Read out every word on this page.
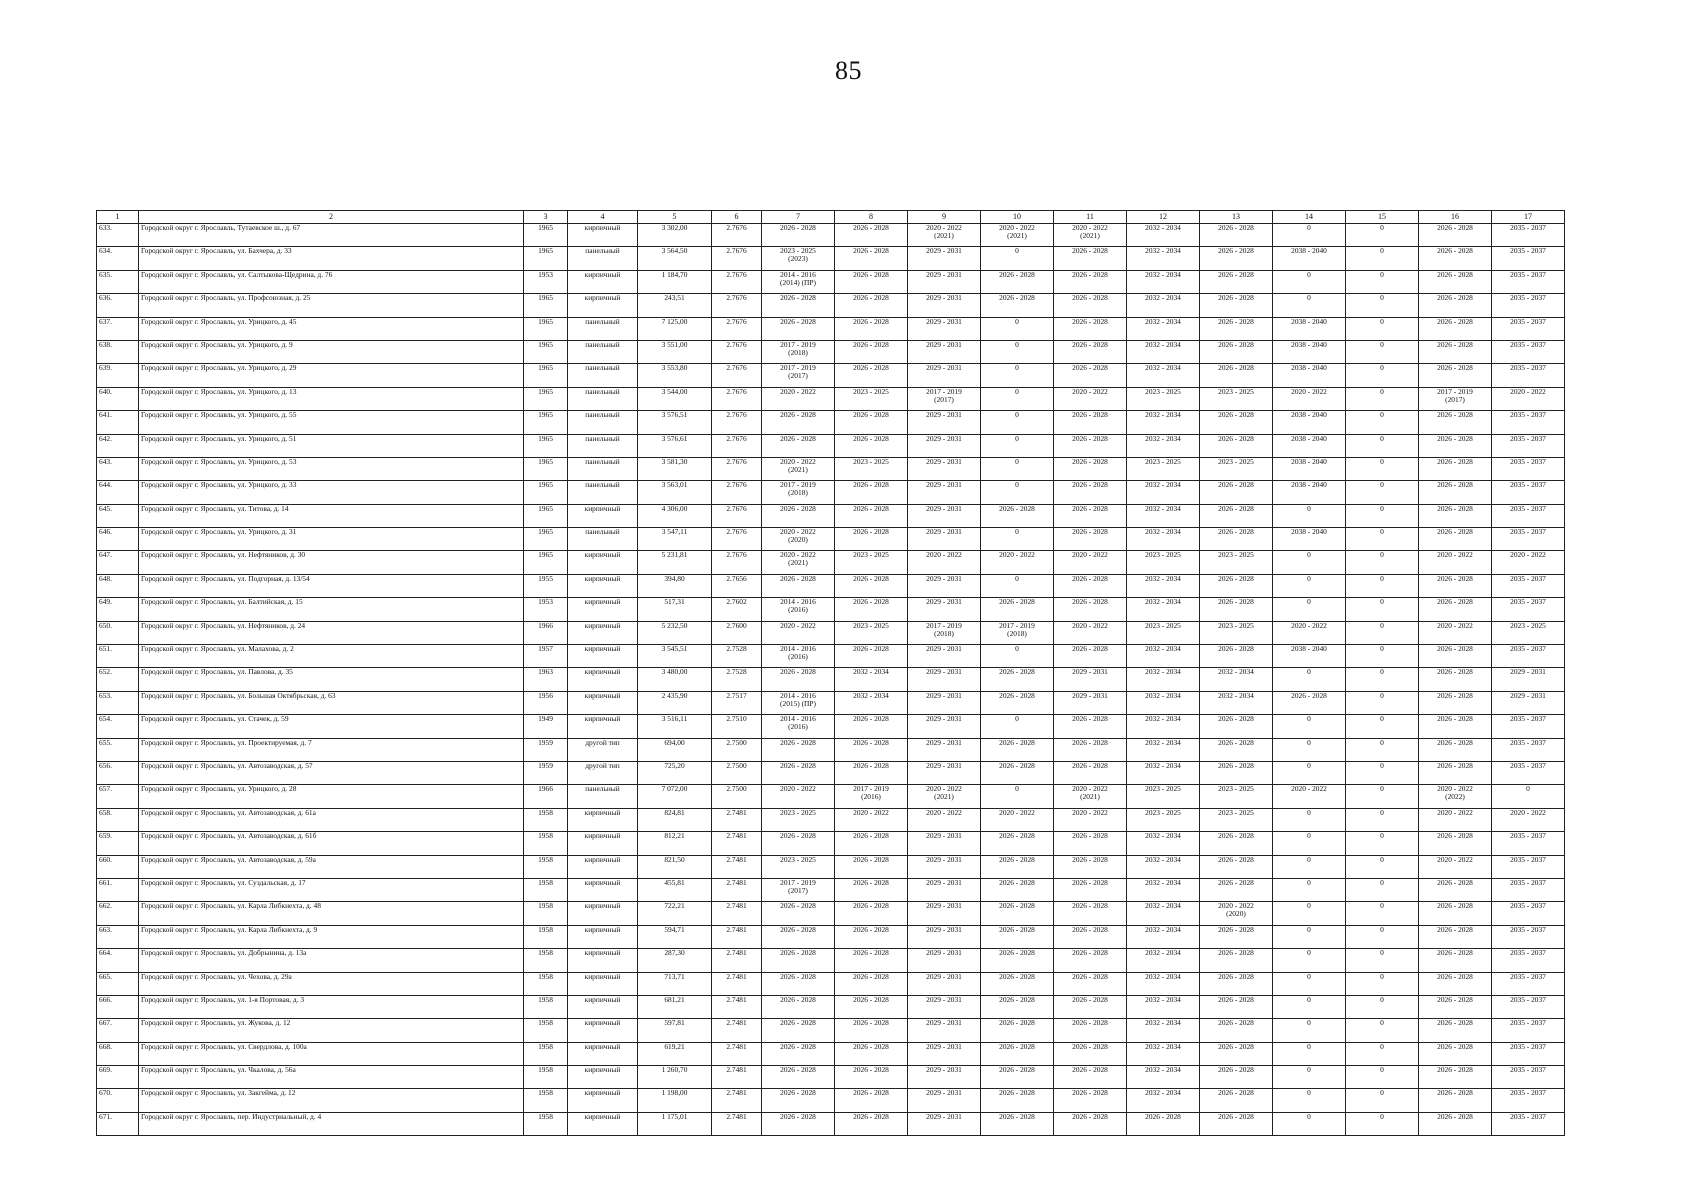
85
1	2	3	4	5	6	7	8	9	10	11	12	13	14	15	16	17
633.	Городской округ г. Ярославль, Тутаевское ш., д. 67	1965	кирпичный	3 302,00	2.7676	2026 - 2028	2026 - 2028	2020 - 2022
(2021)	2020 - 2022
(2021)	2020 - 2022
(2021)	2032 - 2034	2026 - 2028	0	0	2026 - 2028	2035 - 2037
634.	Городской округ г. Ярославль, ул. Бахчера, д. 33	1965	панельный	3 564,50	2.7676	2023 - 2025
(2023)	2026 - 2028	2029 - 2031	0	2026 - 2028	2032 - 2034	2026 - 2028	2038 - 2040	0	2026 - 2028	2035 - 2037
635.	Городской округ г. Ярославль, ул. Салтыкова-Щедрина, д. 76	1953	кирпичный	1 184,70	2.7676	2014 - 2016
(2014) (ПР)	2026 - 2028	2029 - 2031	2026 - 2028	2026 - 2028	2032 - 2034	2026 - 2028	0	0	2026 - 2028	2035 - 2037
636.	Городской округ г. Ярославль, ул. Профсоюзная, д. 25	1965	кирпичный	243,51	2.7676	2026 - 2028	2026 - 2028	2029 - 2031	2026 - 2028	2026 - 2028	2032 - 2034	2026 - 2028	0	0	2026 - 2028	2035 - 2037
637.	Городской округ г. Ярославль, ул. Урицкого, д. 45	1965	панельный	7 125,00	2.7676	2026 - 2028	2026 - 2028	2029 - 2031	0	2026 - 2028	2032 - 2034	2026 - 2028	2038 - 2040	0	2026 - 2028	2035 - 2037
638.	Городской округ г. Ярославль, ул. Урицкого, д. 9	1965	панельный	3 551,00	2.7676	2017 - 2019
(2018)	2026 - 2028	2029 - 2031	0	2026 - 2028	2032 - 2034	2026 - 2028	2038 - 2040	0	2026 - 2028	2035 - 2037
639.	Городской округ г. Ярославль, ул. Урицкого, д. 29	1965	панельный	3 553,80	2.7676	2017 - 2019
(2017)	2026 - 2028	2029 - 2031	0	2026 - 2028	2032 - 2034	2026 - 2028	2038 - 2040	0	2026 - 2028	2035 - 2037
640.	Городской округ г. Ярославль, ул. Урицкого, д. 13	1965	панельный	3 544,00	2.7676	2020 - 2022	2023 - 2025	2017 - 2019
(2017)	0	2020 - 2022	2023 - 2025	2023 - 2025	2020 - 2022	0	2017 - 2019
(2017)	2020 - 2022
641.	Городской округ г. Ярославль, ул. Урицкого, д. 55	1965	панельный	3 576,51	2.7676	2026 - 2028	2026 - 2028	2029 - 2031	0	2026 - 2028	2032 - 2034	2026 - 2028	2038 - 2040	0	2026 - 2028	2035 - 2037
642.	Городской округ г. Ярославль, ул. Урицкого, д. 51	1965	панельный	3 576,61	2.7676	2026 - 2028	2026 - 2028	2029 - 2031	0	2026 - 2028	2032 - 2034	2026 - 2028	2038 - 2040	0	2026 - 2028	2035 - 2037
643.	Городской округ г. Ярославль, ул. Урицкого, д. 53	1965	панельный	3 581,30	2.7676	2020 - 2022
(2021)	2023 - 2025	2029 - 2031	0	2026 - 2028	2023 - 2025	2023 - 2025	2038 - 2040	0	2026 - 2028	2035 - 2037
644.	Городской округ г. Ярославль, ул. Урицкого, д. 33	1965	панельный	3 563,01	2.7676	2017 - 2019
(2018)	2026 - 2028	2029 - 2031	0	2026 - 2028	2032 - 2034	2026 - 2028	2038 - 2040	0	2026 - 2028	2035 - 2037
645.	Городской округ г. Ярославль, ул. Титова, д. 14	1965	кирпичный	4 306,00	2.7676	2026 - 2028	2026 - 2028	2029 - 2031	2026 - 2028	2026 - 2028	2032 - 2034	2026 - 2028	0	0	2026 - 2028	2035 - 2037
646.	Городской округ г. Ярославль, ул. Урицкого, д. 31	1965	панельный	3 547,11	2.7676	2020 - 2022
(2020)	2026 - 2028	2029 - 2031	0	2026 - 2028	2032 - 2034	2026 - 2028	2038 - 2040	0	2026 - 2028	2035 - 2037
647.	Городской округ г. Ярославль, ул. Нефтяников, д. 30	1965	кирпичный	5 231,81	2.7676	2020 - 2022
(2021)	2023 - 2025	2020 - 2022	2020 - 2022	2020 - 2022	2023 - 2025	2023 - 2025	0	0	2020 - 2022	2020 - 2022
648.	Городской округ г. Ярославль, ул. Подгорная, д. 13/54	1955	кирпичный	394,80	2.7656	2026 - 2028	2026 - 2028	2029 - 2031	0	2026 - 2028	2032 - 2034	2026 - 2028	0	0	2026 - 2028	2035 - 2037
649.	Городской округ г. Ярославль, ул. Балтийская, д. 15	1953	кирпичный	517,31	2.7602	2014 - 2016
(2016)	2026 - 2028	2029 - 2031	2026 - 2028	2026 - 2028	2032 - 2034	2026 - 2028	0	0	2026 - 2028	2035 - 2037
650.	Городской округ г. Ярославль, ул. Нефтяников, д. 24	1966	кирпичный	5 232,50	2.7600	2020 - 2022	2023 - 2025	2017 - 2019
(2018)	2017 - 2019
(2018)	2020 - 2022	2023 - 2025	2023 - 2025	2020 - 2022	0	2020 - 2022	2023 - 2025
651.	Городской округ г. Ярославль, ул. Малахова, д. 2	1957	кирпичный	3 545,51	2.7528	2014 - 2016
(2016)	2026 - 2028	2029 - 2031	0	2026 - 2028	2032 - 2034	2026 - 2028	2038 - 2040	0	2026 - 2028	2035 - 2037
652.	Городской округ г. Ярославль, ул. Павлова, д. 35	1963	кирпичный	3 480,00	2.7528	2026 - 2028	2032 - 2034	2029 - 2031	2026 - 2028	2029 - 2031	2032 - 2034	2032 - 2034	0	0	2026 - 2028	2029 - 2031
653.	Городской округ г. Ярославль, ул. Большая Октябрьская, д. 63	1956	кирпичный	2 435,90	2.7517	2014 - 2016
(2015) (ПР)	2032 - 2034	2029 - 2031	2026 - 2028	2029 - 2031	2032 - 2034	2032 - 2034	2026 - 2028	0	2026 - 2028	2029 - 2031
654.	Городской округ г. Ярославль, ул. Стачек, д. 59	1949	кирпичный	3 516,11	2.7510	2014 - 2016
(2016)	2026 - 2028	2029 - 2031	0	2026 - 2028	2032 - 2034	2026 - 2028	0	0	2026 - 2028	2035 - 2037
655.	Городской округ г. Ярославль, ул. Проектируемая, д. 7	1959	другой тип	694,00	2.7500	2026 - 2028	2026 - 2028	2029 - 2031	2026 - 2028	2026 - 2028	2032 - 2034	2026 - 2028	0	0	2026 - 2028	2035 - 2037
656.	Городской округ г. Ярославль, ул. Автозаводская, д. 57	1959	другой тип	725,20	2.7500	2026 - 2028	2026 - 2028	2029 - 2031	2026 - 2028	2026 - 2028	2032 - 2034	2026 - 2028	0	0	2026 - 2028	2035 - 2037
657.	Городской округ г. Ярославль, ул. Урицкого, д. 28	1966	панельный	7 072,00	2.7500	2020 - 2022	2017 - 2019
(2016)	2020 - 2022
(2021)	0	2020 - 2022
(2021)	2023 - 2025	2023 - 2025	2020 - 2022	0	2020 - 2022
(2022)	0
658.	Городской округ г. Ярославль, ул. Автозаводская, д. 61а	1958	кирпичный	824,81	2.7481	2023 - 2025	2020 - 2022	2020 - 2022	2020 - 2022	2020 - 2022	2023 - 2025	2023 - 2025	0	0	2020 - 2022	2020 - 2022
659.	Городской округ г. Ярославль, ул. Автозаводская, д. 61б	1958	кирпичный	812,21	2.7481	2026 - 2028	2026 - 2028	2029 - 2031	2026 - 2028	2026 - 2028	2032 - 2034	2026 - 2028	0	0	2026 - 2028	2035 - 2037
660.	Городской округ г. Ярославль, ул. Автозаводская, д. 59а	1958	кирпичный	821,50	2.7481	2023 - 2025	2026 - 2028	2029 - 2031	2026 - 2028	2026 - 2028	2032 - 2034	2026 - 2028	0	0	2020 - 2022	2035 - 2037
661.	Городской округ г. Ярославль, ул. Суздальская, д. 17	1958	кирпичный	455,81	2.7481	2017 - 2019
(2017)	2026 - 2028	2029 - 2031	2026 - 2028	2026 - 2028	2032 - 2034	2026 - 2028	0	0	2026 - 2028	2035 - 2037
662.	Городской округ г. Ярославль, ул. Карла Либкнехта, д. 48	1958	кирпичный	722,21	2.7481	2026 - 2028	2026 - 2028	2029 - 2031	2026 - 2028	2026 - 2028	2032 - 2034	2020 - 2022
(2020)	0	0	2026 - 2028	2035 - 2037
663.	Городской округ г. Ярославль, ул. Карла Либкнехта, д. 9	1958	кирпичный	594,71	2.7481	2026 - 2028	2026 - 2028	2029 - 2031	2026 - 2028	2026 - 2028	2032 - 2034	2026 - 2028	0	0	2026 - 2028	2035 - 2037
664.	Городской округ г. Ярославль, ул. Добрынина, д. 13а	1958	кирпичный	287,30	2.7481	2026 - 2028	2026 - 2028	2029 - 2031	2026 - 2028	2026 - 2028	2032 - 2034	2026 - 2028	0	0	2026 - 2028	2035 - 2037
665.	Городской округ г. Ярославль, ул. Чехова, д. 29а	1958	кирпичный	713,71	2.7481	2026 - 2028	2026 - 2028	2029 - 2031	2026 - 2028	2026 - 2028	2032 - 2034	2026 - 2028	0	0	2026 - 2028	2035 - 2037
666.	Городской округ г. Ярославль, ул. 1-я Портовая, д. 3	1958	кирпичный	681,21	2.7481	2026 - 2028	2026 - 2028	2029 - 2031	2026 - 2028	2026 - 2028	2032 - 2034	2026 - 2028	0	0	2026 - 2028	2035 - 2037
667.	Городской округ г. Ярославль, ул. Жукова, д. 12	1958	кирпичный	597,81	2.7481	2026 - 2028	2026 - 2028	2029 - 2031	2026 - 2028	2026 - 2028	2032 - 2034	2026 - 2028	0	0	2026 - 2028	2035 - 2037
668.	Городской округ г. Ярославль, ул. Свердлова, д. 100а	1958	кирпичный	619,21	2.7481	2026 - 2028	2026 - 2028	2029 - 2031	2026 - 2028	2026 - 2028	2032 - 2034	2026 - 2028	0	0	2026 - 2028	2035 - 2037
669.	Городской округ г. Ярославль, ул. Чкалова, д. 56а	1958	кирпичный	1 260,70	2.7481	2026 - 2028	2026 - 2028	2029 - 2031	2026 - 2028	2026 - 2028	2032 - 2034	2026 - 2028	0	0	2026 - 2028	2035 - 2037
670.	Городской округ г. Ярославль, ул. Закгейма, д. 12	1958	кирпичный	1 198,00	2.7481	2026 - 2028	2026 - 2028	2029 - 2031	2026 - 2028	2026 - 2028	2032 - 2034	2026 - 2028	0	0	2026 - 2028	2035 - 2037
671.	Городской округ г. Ярославль, пер. Индустриальный, д. 4	1958	кирпичный	1 175,01	2.7481	2026 - 2028	2026 - 2028	2029 - 2031	2026 - 2028	2026 - 2028	2026 - 2028	2026 - 2028	0	0	2026 - 2028	2035 - 2037
